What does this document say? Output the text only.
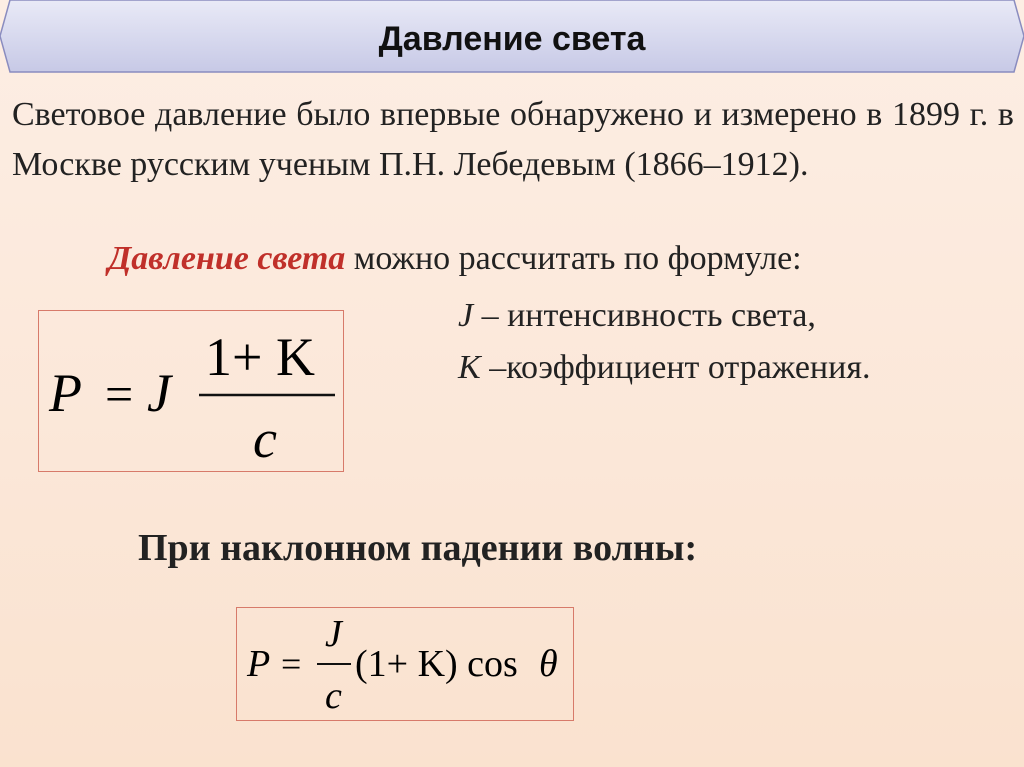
Давление света
Световое давление было впервые обнаружено и измерено в 1899 г. в Москве русским ученым П.Н. Лебедевым (1866–1912).
Давление света можно рассчитать по формуле:
P = J
1+ K
c
J – интенсивность света,
K –коэффициент отражения.
При наклонном падении волны:
P =
J
c
(1+ K) cos θ
